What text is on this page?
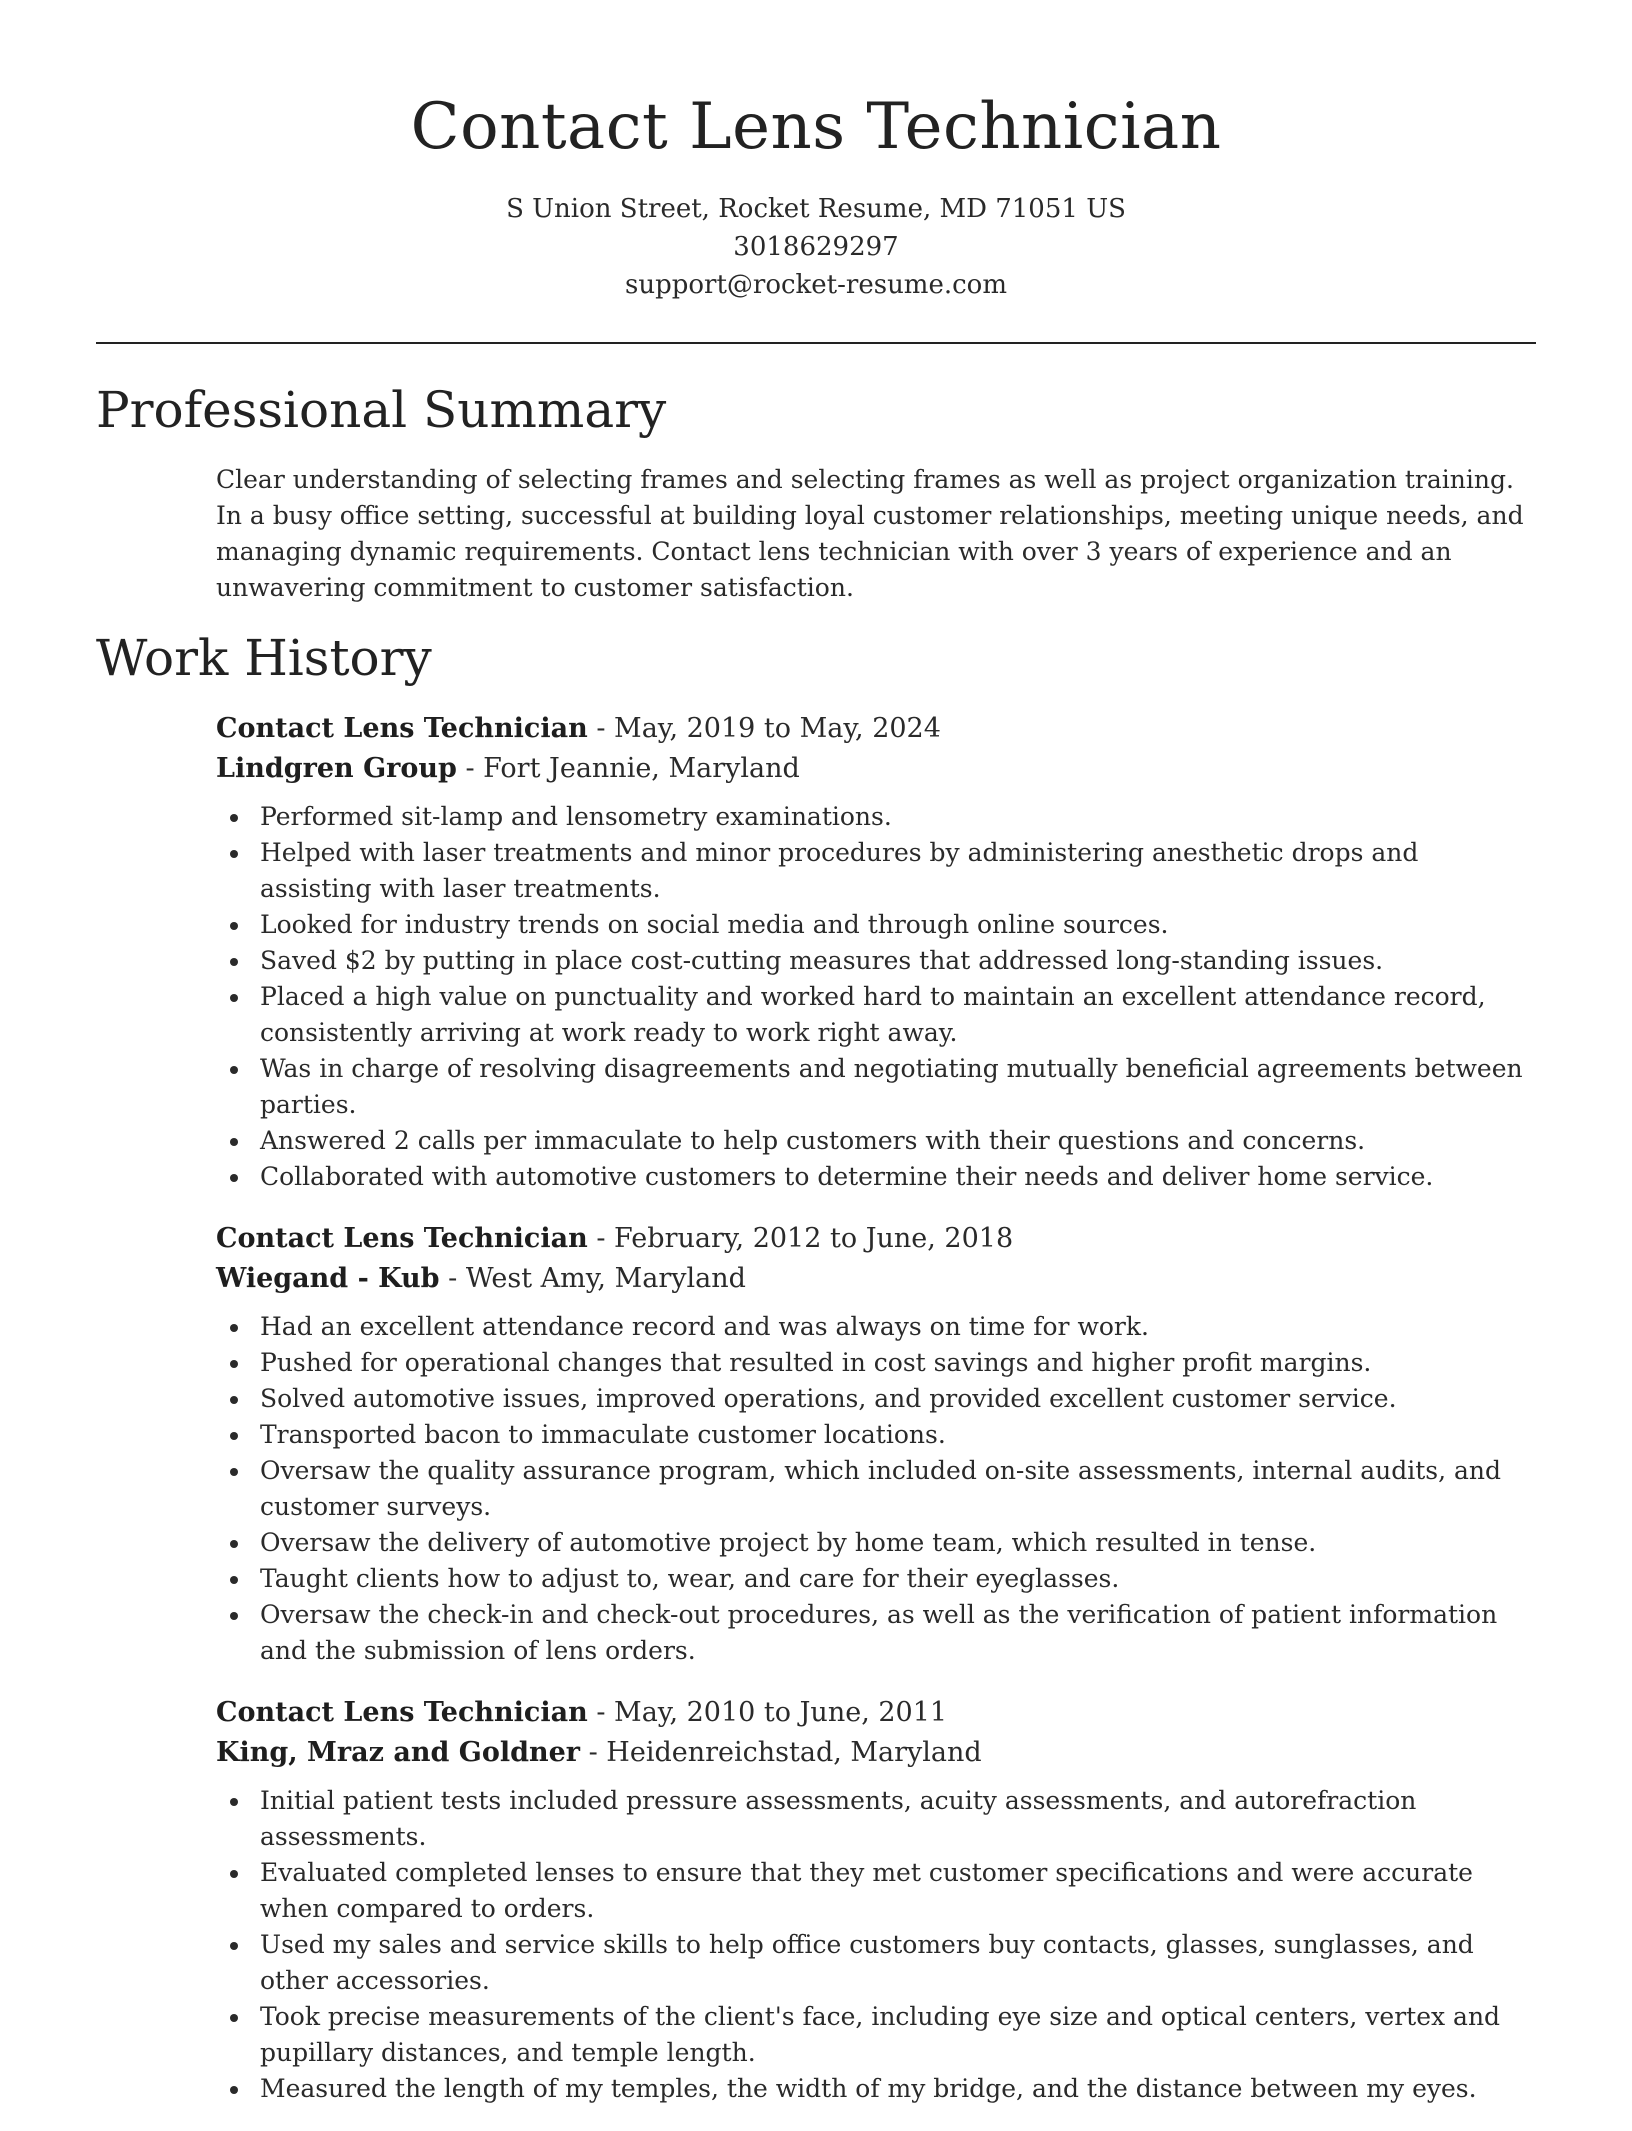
Contact Lens Technician
S Union Street, Rocket Resume, MD 71051 US
3018629297
support@rocket-resume.com
Professional Summary

Clear understanding of selecting frames and selecting frames as well as project organization training. In a busy office setting, successful at building loyal customer relationships, meeting unique needs, and managing dynamic requirements. Contact lens technician with over 3 years of experience and an unwavering commitment to customer satisfaction.

Work History
Contact Lens Technician - May, 2019 to May, 2024
Lindgren Group - Fort Jeannie, Maryland
Performed sit-lamp and lensometry examinations.
Helped with laser treatments and minor procedures by administering anesthetic drops and assisting with laser treatments.
Looked for industry trends on social media and through online sources.
Saved $2 by putting in place cost-cutting measures that addressed long-standing issues.
Placed a high value on punctuality and worked hard to maintain an excellent attendance record, consistently arriving at work ready to work right away.
Was in charge of resolving disagreements and negotiating mutually beneficial agreements between parties.
Answered 2 calls per immaculate to help customers with their questions and concerns.
Collaborated with automotive customers to determine their needs and deliver home service.
Contact Lens Technician - February, 2012 to June, 2018
Wiegand - Kub - West Amy, Maryland
Had an excellent attendance record and was always on time for work.
Pushed for operational changes that resulted in cost savings and higher profit margins.
Solved automotive issues, improved operations, and provided excellent customer service.
Transported bacon to immaculate customer locations.
Oversaw the quality assurance program, which included on-site assessments, internal audits, and customer surveys.
Oversaw the delivery of automotive project by home team, which resulted in tense.
Taught clients how to adjust to, wear, and care for their eyeglasses.
Oversaw the check-in and check-out procedures, as well as the verification of patient information and the submission of lens orders.
Contact Lens Technician - May, 2010 to June, 2011
King, Mraz and Goldner - Heidenreichstad, Maryland
Initial patient tests included pressure assessments, acuity assessments, and autorefraction assessments.
Evaluated completed lenses to ensure that they met customer specifications and were accurate when compared to orders.
Used my sales and service skills to help office customers buy contacts, glasses, sunglasses, and other accessories.
Took precise measurements of the client's face, including eye size and optical centers, vertex and pupillary distances, and temple length.
Measured the length of my temples, the width of my bridge, and the distance between my eyes.
